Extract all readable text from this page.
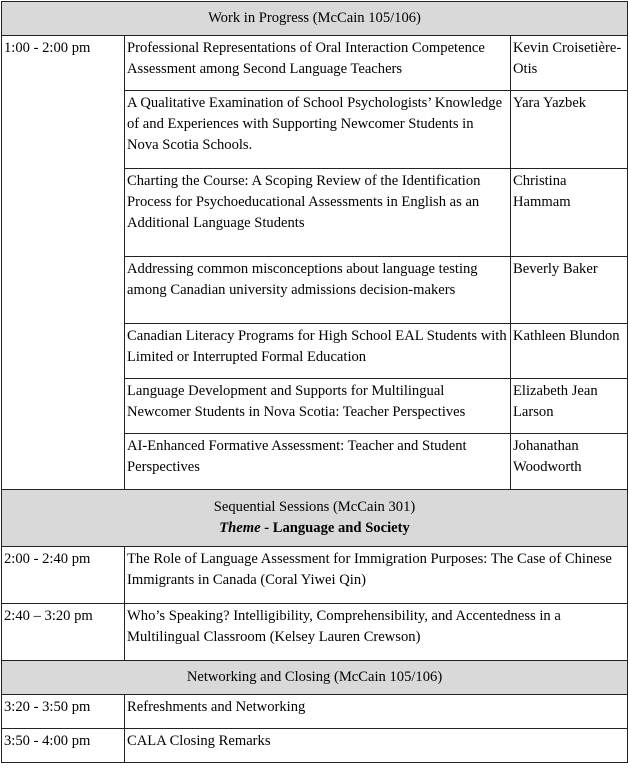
Work in Progress (McCain 105/106)		

1:00 - 2:00 pm	Professional Representations of Oral Interaction Competence Assessment among Second Language Teachers	Kevin Croisetière-Otis

	A Qualitative Examination of School Psychologists’ Knowledge of and Experiences with Supporting Newcomer Students in Nova Scotia Schools.	Yara Yazbek

	Charting the Course: A Scoping Review of the Identification Process for Psychoeducational Assessments in English as an Additional Language Students	Christina Hammam

	Addressing common misconceptions about language testing among Canadian university admissions decision-makers	Beverly Baker

	Canadian Literacy Programs for High School EAL Students with Limited or Interrupted Formal Education	Kathleen Blundon

	Language Development and Supports for Multilingual Newcomer Students in Nova Scotia: Teacher Perspectives	Elizabeth Jean Larson

	AI-Enhanced Formative Assessment: Teacher and Student Perspectives	Johanathan Woodworth

Sequential Sessions (McCain 301)
Theme - Language and Society		

2:00 - 2:40 pm	The Role of Language Assessment for Immigration Purposes: The Case of Chinese Immigrants in Canada (Coral Yiwei Qin)	

2:40 – 3:20 pm	Who’s Speaking? Intelligibility, Comprehensibility, and Accentedness in a Multilingual Classroom (Kelsey Lauren Crewson)	

Networking and Closing (McCain 105/106)		

3:20 - 3:50 pm	Refreshments and Networking	

3:50 - 4:00 pm	CALA Closing Remarks	
